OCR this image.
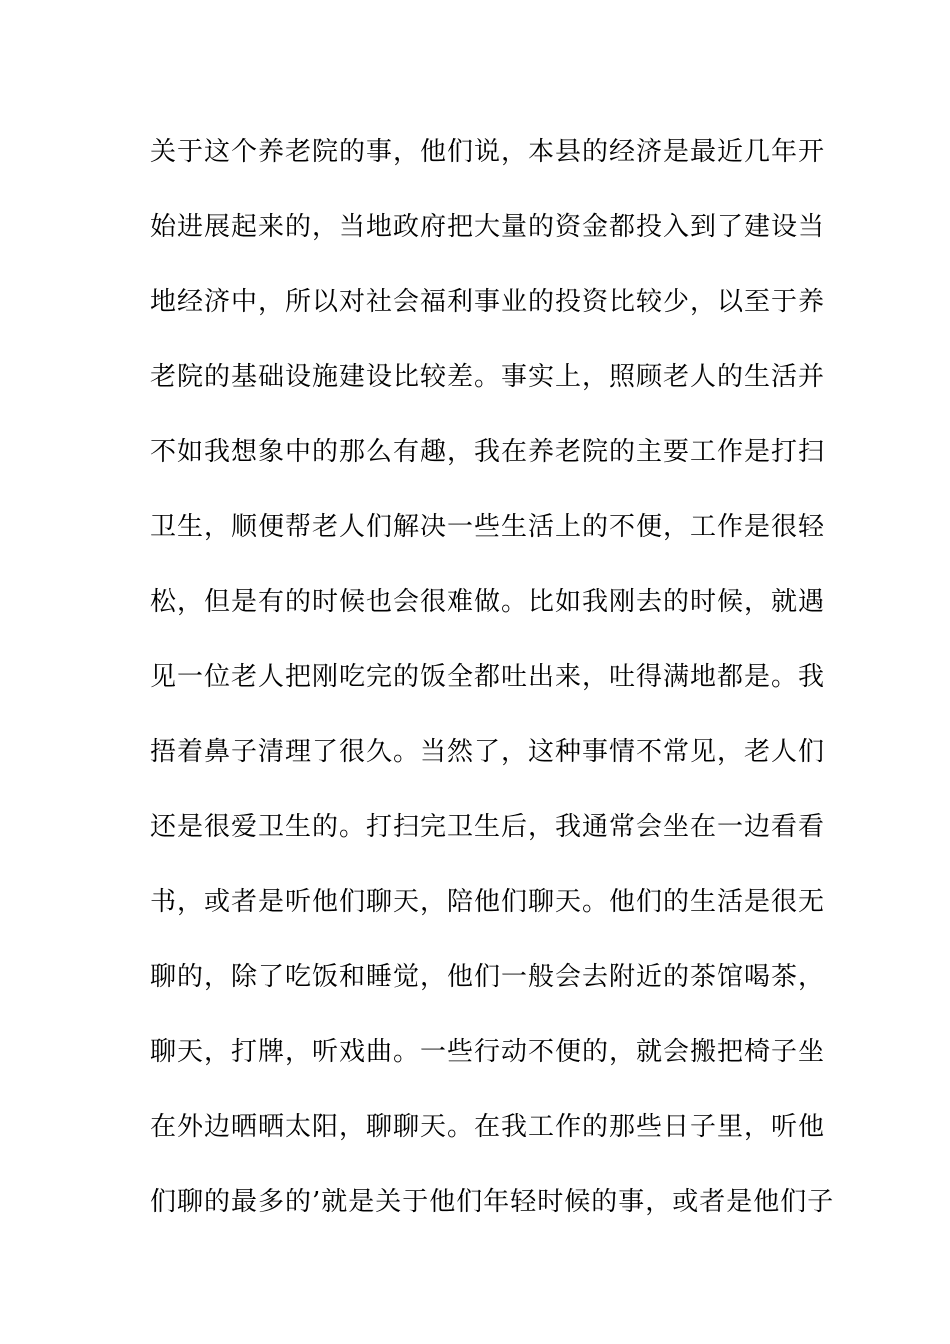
关于这个养老院的事，他们说，本县的经济是最近几年开
始进展起来的，当地政府把大量的资金都投入到了建设当
地经济中，所以对社会福利事业的投资比较少，以至于养
老院的基础设施建设比较差。事实上，照顾老人的生活并
不如我想象中的那么有趣，我在养老院的主要工作是打扫
卫生，顺便帮老人们解决一些生活上的不便，工作是很轻
松，但是有的时候也会很难做。比如我刚去的时候，就遇
见一位老人把刚吃完的饭全都吐出来，吐得满地都是。我
捂着鼻子清理了很久。当然了，这种事情不常见，老人们
还是很爱卫生的。打扫完卫生后，我通常会坐在一边看看
书，或者是听他们聊天，陪他们聊天。他们的生活是很无
聊的，除了吃饭和睡觉，他们一般会去附近的茶馆喝茶，
聊天，打牌，听戏曲。一些行动不便的，就会搬把椅子坐
在外边晒晒太阳，聊聊天。在我工作的那些日子里，听他
们聊的最多的’就是关于他们年轻时候的事，或者是他们子
